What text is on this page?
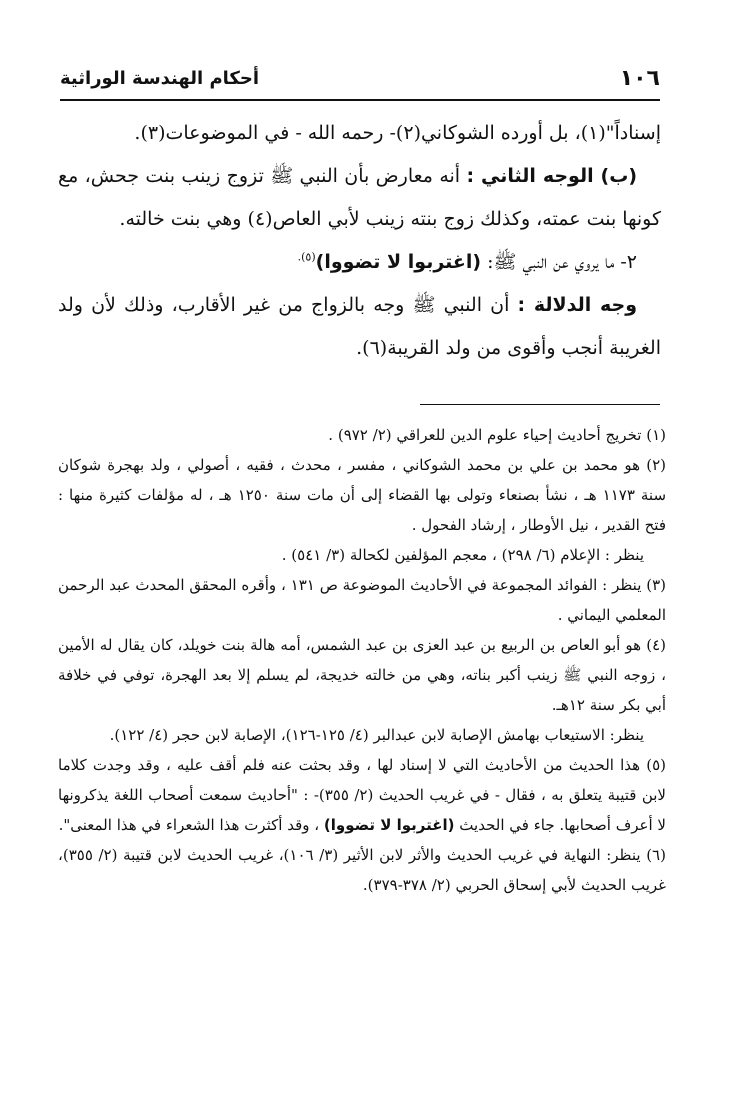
١٠٦
أحكام الهندسة الوراثية

إسناداً"(١)، بل أورده الشوكاني(٢)- رحمه الله - في الموضوعات(٣).

(ب) الوجه الثاني : أنه معارض بأن النبي ﷺ تزوج زينب بنت جحش، مع كونها بنت عمته، وكذلك زوج بنته زينب لأبي العاص(٤) وهي بنت خالته.

٢- ما يروي عن النبي ﷺ: (اغتربوا لا تضووا)$^{(٥).}$

وجه الدلالة : أن النبي ﷺ وجه بالزواج من غير الأقارب، وذلك لأن ولد الغريبة أنجب وأقوى من ولد القريبة(٦).

(١) تخريج أحاديث إحياء علوم الدين للعراقي (٢/ ٩٧٢) .

(٢) هو محمد بن علي بن محمد الشوكاني ، مفسر ، محدث ، فقيه ، أصولي ، ولد بهجرة شوكان سنة ١١٧٣ هـ ، نشأ بصنعاء وتولى بها القضاء إلى أن مات سنة ١٢٥٠ هـ ، له مؤلفات كثيرة منها : فتح القدير ، نيل الأوطار ، إرشاد الفحول .
ينظر : الإعلام (٦/ ٢٩٨) ، معجم المؤلفين لكحالة (٣/ ٥٤١) .

(٣) ينظر : الفوائد المجموعة في الأحاديث الموضوعة ص ١٣١ ، وأقره المحقق المحدث عبد الرحمن المعلمي اليماني .

(٤) هو أبو العاص بن الربيع بن عبد العزى بن عبد الشمس، أمه هالة بنت خويلد، كان يقال له الأمين ، زوجه النبي ﷺ زينب أكبر بناته، وهي من خالته خديجة، لم يسلم إلا بعد الهجرة، توفي في خلافة أبي بكر سنة ١٢هـ.
ينظر: الاستيعاب بهامش الإصابة لابن عبدالبر (٤/ ١٢٥-١٢٦)، الإصابة لابن حجر (٤/ ١٢٢).

(٥) هذا الحديث من الأحاديث التي لا إسناد لها ، وقد بحثت عنه فلم أقف عليه ، وقد وجدت كلاما لابن قتيبة يتعلق به ، فقال - في غريب الحديث (٢/ ٣٥٥)- : "أحاديث سمعت أصحاب اللغة يذكرونها لا أعرف أصحابها. جاء في الحديث (اغتربوا لا تضووا) ، وقد أكثرت هذا الشعراء في هذا المعنى".

(٦) ينظر: النهاية في غريب الحديث والأثر لابن الأثير (٣/ ١٠٦)، غريب الحديث لابن قتيبة (٢/ ٣٥٥)، غريب الحديث لأبي إسحاق الحربي (٢/ ٣٧٨-٣٧٩).
